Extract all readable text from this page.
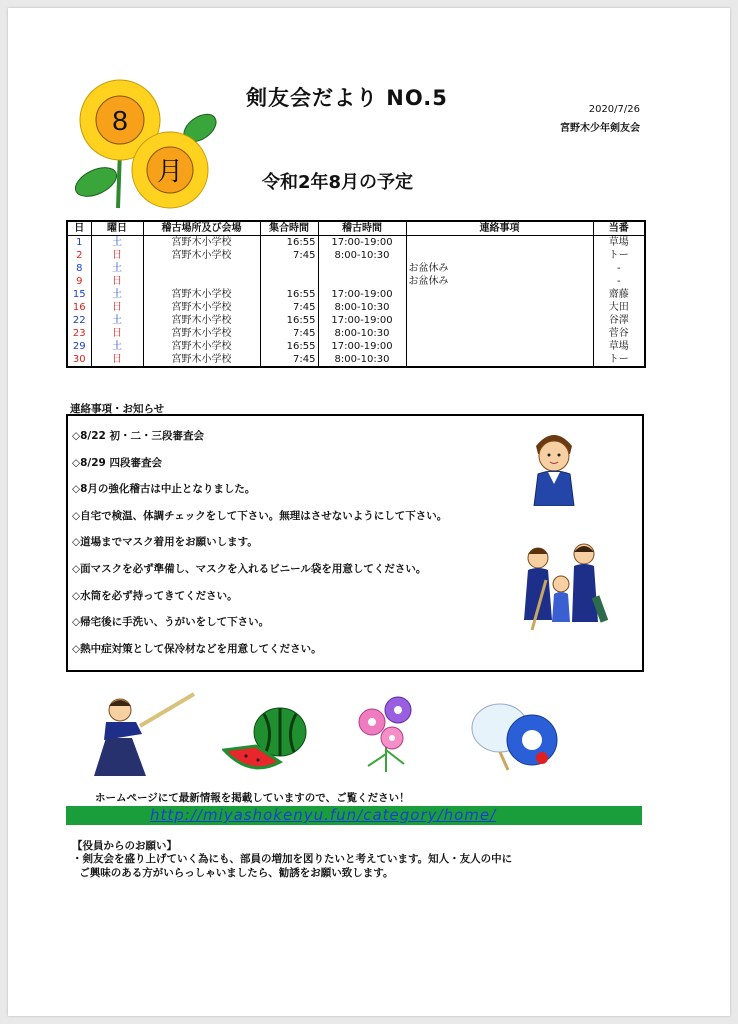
8
月
剣友会だより NO.5	2020/7/26
宮野木少年剣友会
令和2年8月の予定
日	曜日	稽古場所及び会場	集合時間	稽古時間	連絡事項	当番
1	土	宮野木小学校	16:55	17:00-19:00		草場
2	日	宮野木小学校	7:45	8:00-10:30		トー
8	土				お盆休み	-
9	日				お盆休み	-
15	土	宮野木小学校	16:55	17:00-19:00		齋藤
16	日	宮野木小学校	7:45	8:00-10:30		大田
22	土	宮野木小学校	16:55	17:00-19:00		谷澤
23	日	宮野木小学校	7:45	8:00-10:30		菅谷
29	土	宮野木小学校	16:55	17:00-19:00		草場
30	日	宮野木小学校	7:45	8:00-10:30		トー
連絡事項・お知らせ
◇8/22 初・二・三段審査会
◇8/29 四段審査会
◇8月の強化稽古は中止となりました。
◇自宅で検温、体調チェックをして下さい。無理はさせないようにして下さい。
◇道場までマスク着用をお願いします。
◇面マスクを必ず準備し、マスクを入れるビニール袋を用意してください。
◇水筒を必ず持ってきてください。
◇帰宅後に手洗い、うがいをして下さい。
◇熱中症対策として保冷材などを用意してください。
ホームページにて最新情報を掲載していますので、ご覧ください！
http://miyashokenyu.fun/category/home/
【役員からのお願い】
・剣友会を盛り上げていく為にも、部員の増加を図りたいと考えています。知人・友人の中に
ご興味のある方がいらっしゃいましたら、勧誘をお願い致します。
